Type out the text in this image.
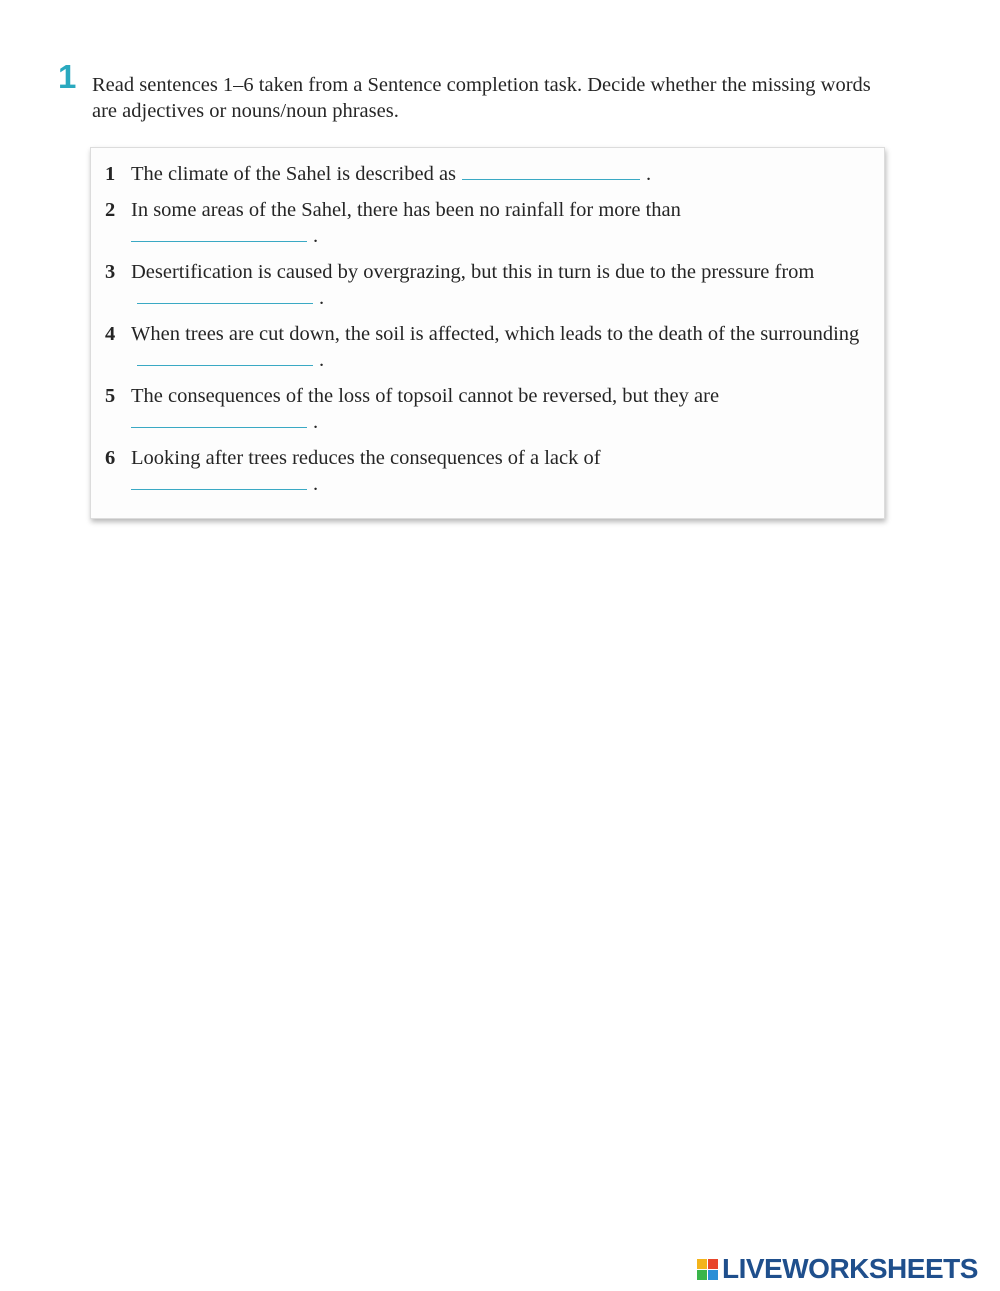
1 Read sentences 1–6 taken from a Sentence completion task. Decide whether the missing words are adjectives or nouns/noun phrases.
1 The climate of the Sahel is described as	.
2 In some areas of the Sahel, there has been no rainfall for more than
.
3 Desertification is caused by overgrazing, but this in turn is due to the pressure from.
4 When trees are cut down, the soil is affected, which leads to the death of the surrounding.
5 The consequences of the loss of topsoil cannot be reversed, but they are
.
6 Looking after trees reduces the consequences of a lack of
.
LIVEWORKSHEETS
